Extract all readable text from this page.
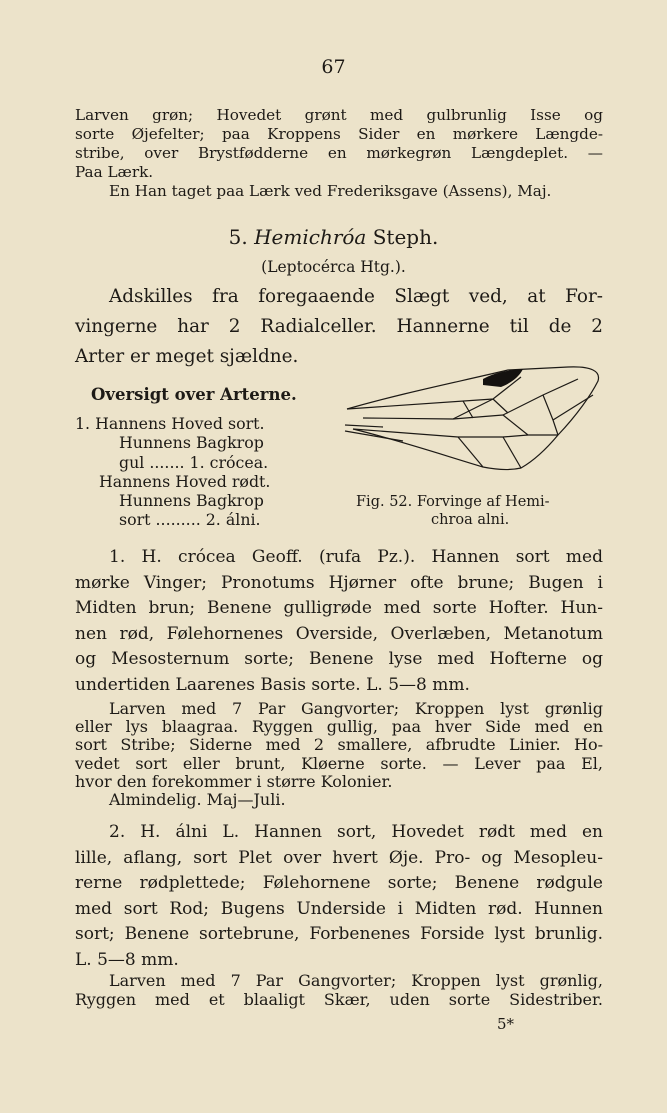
67
Larven grøn; Hovedet grønt med gulbrunlig Isse og
sorte Øjefelter; paa Kroppens Sider en mørkere Længde-
stribe, over Brystfødderne en mørkegrøn Længdeplet. —
Paa Lærk.
En Han taget paa Lærk ved Frederiksgave (Assens), Maj.
5. Hemichróa Steph.
(Leptocérca Htg.).
Adskilles fra foregaaende Slægt ved, at For-
vingerne har 2 Radialceller. Hannerne til de 2
Arter er meget sjældne.
Oversigt over Arterne.
1. Hannens Hoved sort.
Hunnens Bagkrop
gul ....... 1. crócea.
Hannens Hoved rødt.
Hunnens Bagkrop
sort ......... 2. álni.
Fig. 52. Forvinge af Hemi-
chroa alni.
1. H. crócea Geoff. (rufa Pz.). Hannen sort med
mørke Vinger; Pronotums Hjørner ofte brune; Bugen i
Midten brun; Benene gulligrøde med sorte Hofter. Hun-
nen rød, Følehornenes Overside, Overlæben, Metanotum
og Mesosternum sorte; Benene lyse med Hofterne og
undertiden Laarenes Basis sorte. L. 5—8 mm.
Larven med 7 Par Gangvorter; Kroppen lyst grønlig
eller lys blaagraa. Ryggen gullig, paa hver Side med en
sort Stribe; Siderne med 2 smallere, afbrudte Linier. Ho-
vedet sort eller brunt, Kløerne sorte. — Lever paa El,
hvor den forekommer i større Kolonier.
Almindelig. Maj—Juli.
2. H. álni L. Hannen sort, Hovedet rødt med en
lille, aflang, sort Plet over hvert Øje. Pro- og Mesopleu-
rerne rødplettede; Følehornene sorte; Benene rødgule
med sort Rod; Bugens Underside i Midten rød. Hunnen
sort; Benene sortebrune, Forbenenes Forside lyst brunlig.
L. 5—8 mm.
Larven med 7 Par Gangvorter; Kroppen lyst grønlig,
Ryggen med et blaaligt Skær, uden sorte Sidestriber.
5*
